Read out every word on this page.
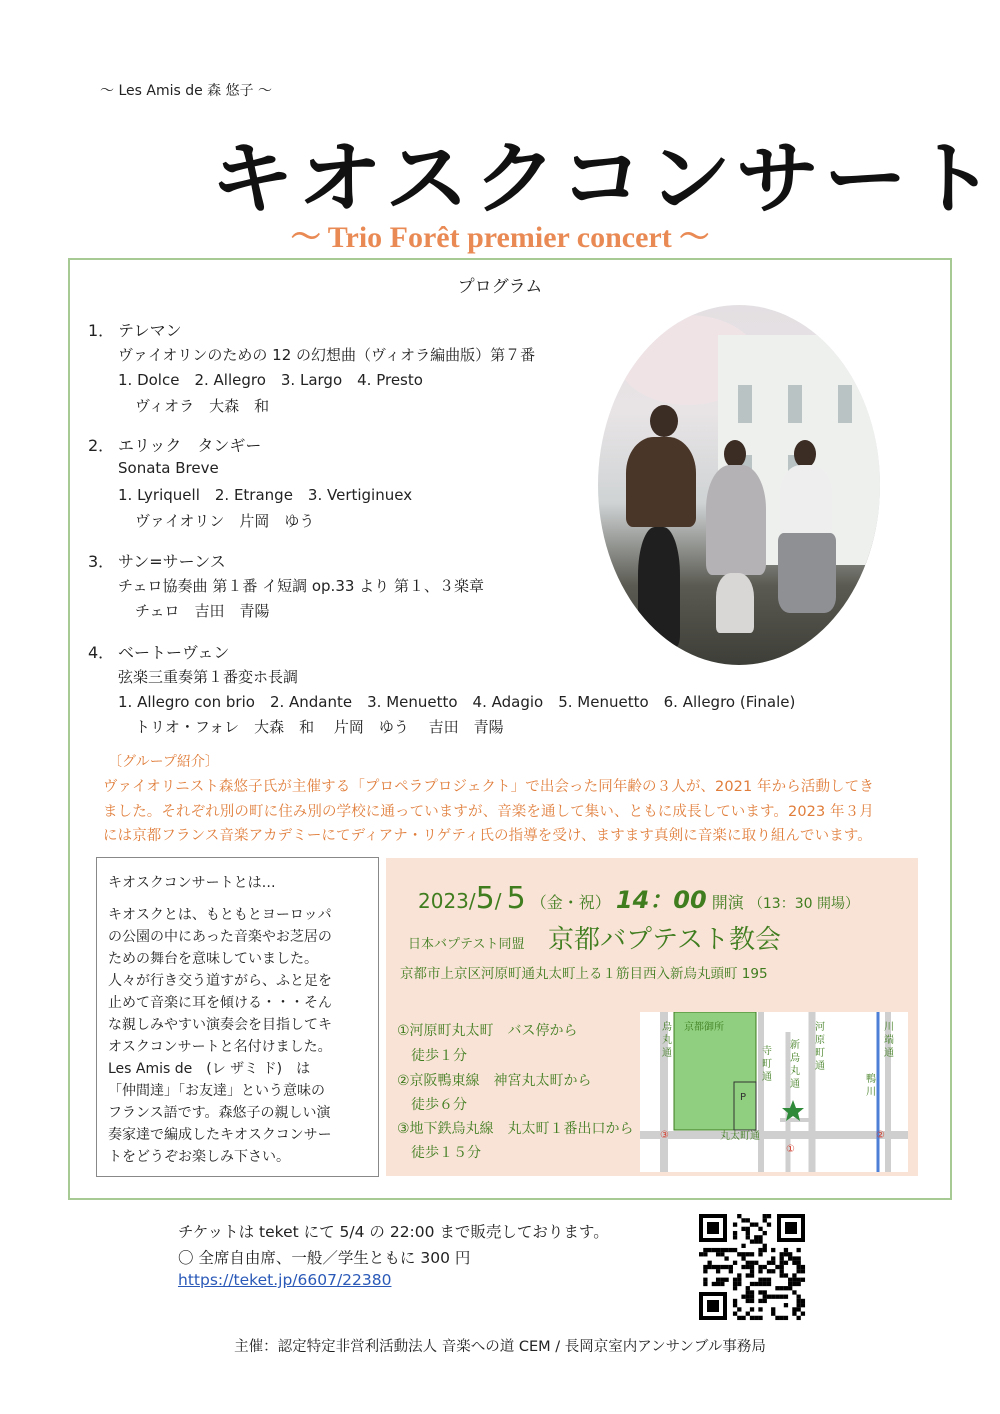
～ Les Amis de 森 悠子 ～
キオスクコンサート
～ Trio Forêt premier concert ～
プログラム
1． テレマン
ヴァイオリンのための 12 の幻想曲（ヴィオラ編曲版）第７番
1. Dolce　2. Allegro　3. Largo　4. Presto
ヴィオラ　大森　和
2． エリック　タンギー
Sonata Breve
1. Lyriquell　2. Etrange　3. Vertiginuex
ヴァイオリン　片岡　ゆう
3． サン=サーンス
チェロ協奏曲 第１番 イ短調 op.33 より 第１、３楽章
チェロ　吉田　青陽
4． ベートーヴェン
弦楽三重奏第１番変ホ長調
1. Allegro con brio　2. Andante　3. Menuetto　4. Adagio　5. Menuetto　6. Allegro (Finale)
トリオ・フォレ　大森　和　 片岡　ゆう　 吉田　青陽
〔グループ紹介〕
ヴァイオリニスト森悠子氏が主催する「プロペラプロジェクト」で出会った同年齢の３人が、2021 年から活動してき
ました。それぞれ別の町に住み別の学校に通っていますが、音楽を通して集い、ともに成長しています。2023 年３月
には京都フランス音楽アカデミーにてディアナ・リゲティ氏の指導を受け、ますます真剣に音楽に取り組んでいます。
キオスクコンサートとは…
キオスクとは、もともとヨーロッパ
の公園の中にあった音楽やお芝居の
ための舞台を意味していました。
人々が行き交う道すがら、ふと足を
止めて音楽に耳を傾ける・・・そん
な親しみやすい演奏会を目指してキ
オスクコンサートと名付けました。
Les Amis de　(レ ザミ ド)　は
「仲間達」「お友達」という意味の
フランス語です。森悠子の親しい演
奏家達で編成したキオスクコンサー
トをどうぞお楽しみ下さい。
2023/5/ 5 （金・祝） 14：00 開演 （13：30 開場）
日本バプテスト同盟 京都バプテスト教会
京都市上京区河原町通丸太町上る１筋目西入新烏丸頭町 195
①河原町丸太町　バス停から
　徒歩１分
②京阪鴨東線　神宮丸太町から
　徒歩６分
③地下鉄烏丸線　丸太町１番出口から
　徒歩１５分
京都御所
烏
丸
通	寺
町
通
新
烏
丸
通
河
原
町
通
川
端
通
鴨
川
丸太町通
P
①
②
③
チケットは teket にて 5/4 の 22:00 まで販売しております。
〇 全席自由席、一般／学生ともに 300 円
https://teket.jp/6607/22380
主催：認定特定非営利活動法人 音楽への道 CEM / 長岡京室内アンサンブル事務局
